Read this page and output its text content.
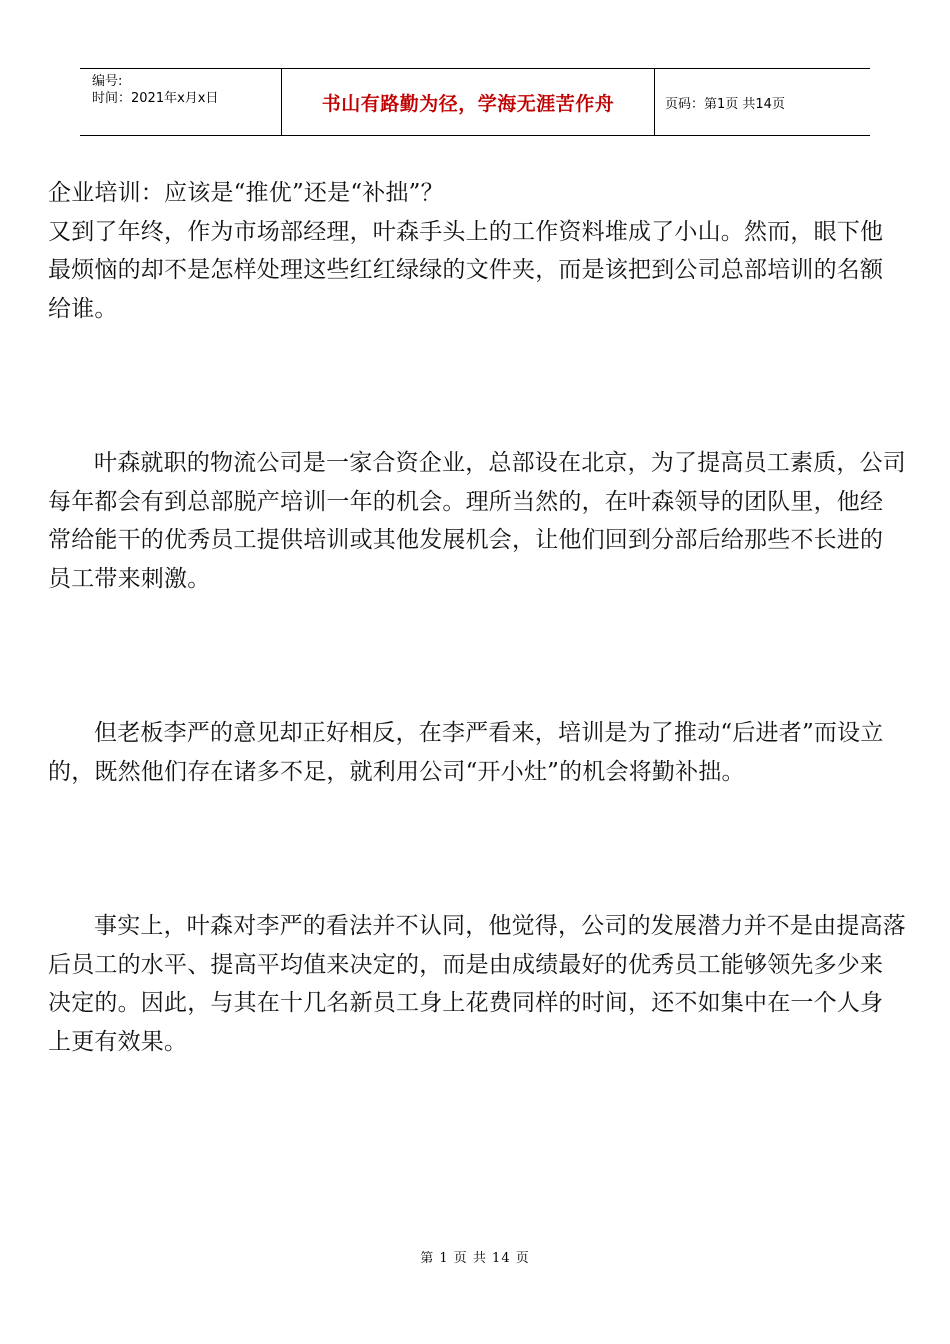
编号:
时间：2021年x月x日	书山有路勤为径，学海无涯苦作舟	页码：第1页 共14页

企业培训：应该是“推优”还是“补拙”？

又到了年终，作为市场部经理，叶森手头上的工作资料堆成了小山。然而，眼下他最烦恼的却不是怎样处理这些红红绿绿的文件夹，而是该把到公司总部培训的名额给谁。

叶森就职的物流公司是一家合资企业，总部设在北京，为了提高员工素质，公司每年都会有到总部脱产培训一年的机会。理所当然的，在叶森领导的团队里，他经常给能干的优秀员工提供培训或其他发展机会，让他们回到分部后给那些不长进的员工带来刺激。

但老板李严的意见却正好相反，在李严看来，培训是为了推动“后进者”而设立的，既然他们存在诸多不足，就利用公司“开小灶”的机会将勤补拙。

事实上，叶森对李严的看法并不认同，他觉得，公司的发展潜力并不是由提高落后员工的水平、提高平均值来决定的，而是由成绩最好的优秀员工能够领先多少来决定的。因此，与其在十几名新员工身上花费同样的时间，还不如集中在一个人身上更有效果。

第 1 页 共 14 页
